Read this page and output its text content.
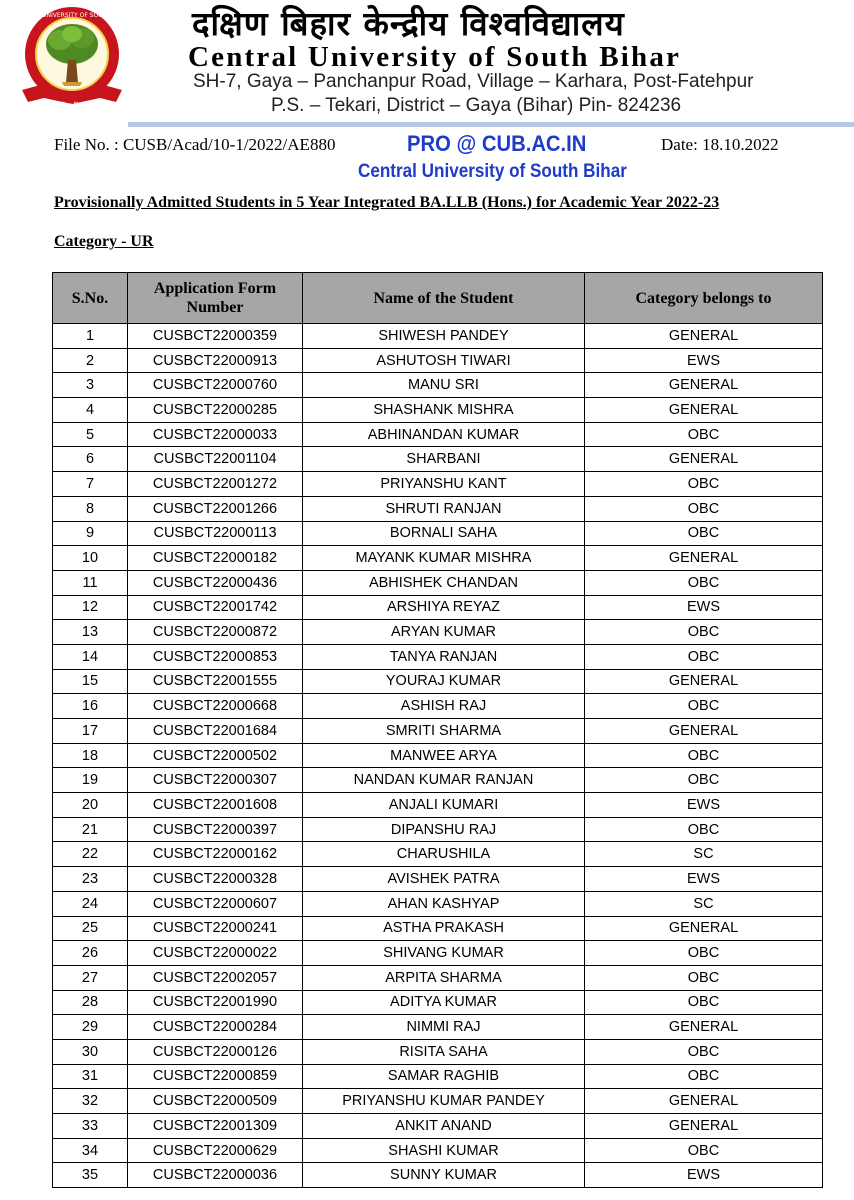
CENTRAL UNIVERSITY OF SOUTH BIHAR
ज्ञान सेवा विमुक्तये
दक्षिण बिहार केन्द्रीय विश्वविद्यालय
Central University of South Bihar
SH-7, Gaya – Panchanpur Road, Village – Karhara, Post-Fatehpur
P.S. – Tekari, District – Gaya (Bihar) Pin- 824236
File No. : CUSB/Acad/10-1/2022/AE880	PRO @ CUB.AC.IN	Date: 18.10.2022
Central University of South Bihar
Provisionally Admitted Students in 5 Year Integrated BA.LLB (Hons.) for Academic Year 2022-23
Category - UR
S.No.	Application Form Number	Name of the Student	Category belongs to
1	CUSBCT22000359	SHIWESH PANDEY	GENERAL
2	CUSBCT22000913	ASHUTOSH TIWARI	EWS
3	CUSBCT22000760	MANU SRI	GENERAL
4	CUSBCT22000285	SHASHANK MISHRA	GENERAL
5	CUSBCT22000033	ABHINANDAN KUMAR	OBC
6	CUSBCT22001104	SHARBANI	GENERAL
7	CUSBCT22001272	PRIYANSHU KANT	OBC
8	CUSBCT22001266	SHRUTI RANJAN	OBC
9	CUSBCT22000113	BORNALI SAHA	OBC
10	CUSBCT22000182	MAYANK KUMAR MISHRA	GENERAL
11	CUSBCT22000436	ABHISHEK CHANDAN	OBC
12	CUSBCT22001742	ARSHIYA REYAZ	EWS
13	CUSBCT22000872	ARYAN KUMAR	OBC
14	CUSBCT22000853	TANYA RANJAN	OBC
15	CUSBCT22001555	YOURAJ KUMAR	GENERAL
16	CUSBCT22000668	ASHISH RAJ	OBC
17	CUSBCT22001684	SMRITI SHARMA	GENERAL
18	CUSBCT22000502	MANWEE ARYA	OBC
19	CUSBCT22000307	NANDAN KUMAR RANJAN	OBC
20	CUSBCT22001608	ANJALI KUMARI	EWS
21	CUSBCT22000397	DIPANSHU RAJ	OBC
22	CUSBCT22000162	CHARUSHILA	SC
23	CUSBCT22000328	AVISHEK PATRA	EWS
24	CUSBCT22000607	AHAN KASHYAP	SC
25	CUSBCT22000241	ASTHA PRAKASH	GENERAL
26	CUSBCT22000022	SHIVANG KUMAR	OBC
27	CUSBCT22002057	ARPITA SHARMA	OBC
28	CUSBCT22001990	ADITYA KUMAR	OBC
29	CUSBCT22000284	NIMMI RAJ	GENERAL
30	CUSBCT22000126	RISITA SAHA	OBC
31	CUSBCT22000859	SAMAR RAGHIB	OBC
32	CUSBCT22000509	PRIYANSHU KUMAR PANDEY	GENERAL
33	CUSBCT22001309	ANKIT ANAND	GENERAL
34	CUSBCT22000629	SHASHI KUMAR	OBC
35	CUSBCT22000036	SUNNY KUMAR	EWS
